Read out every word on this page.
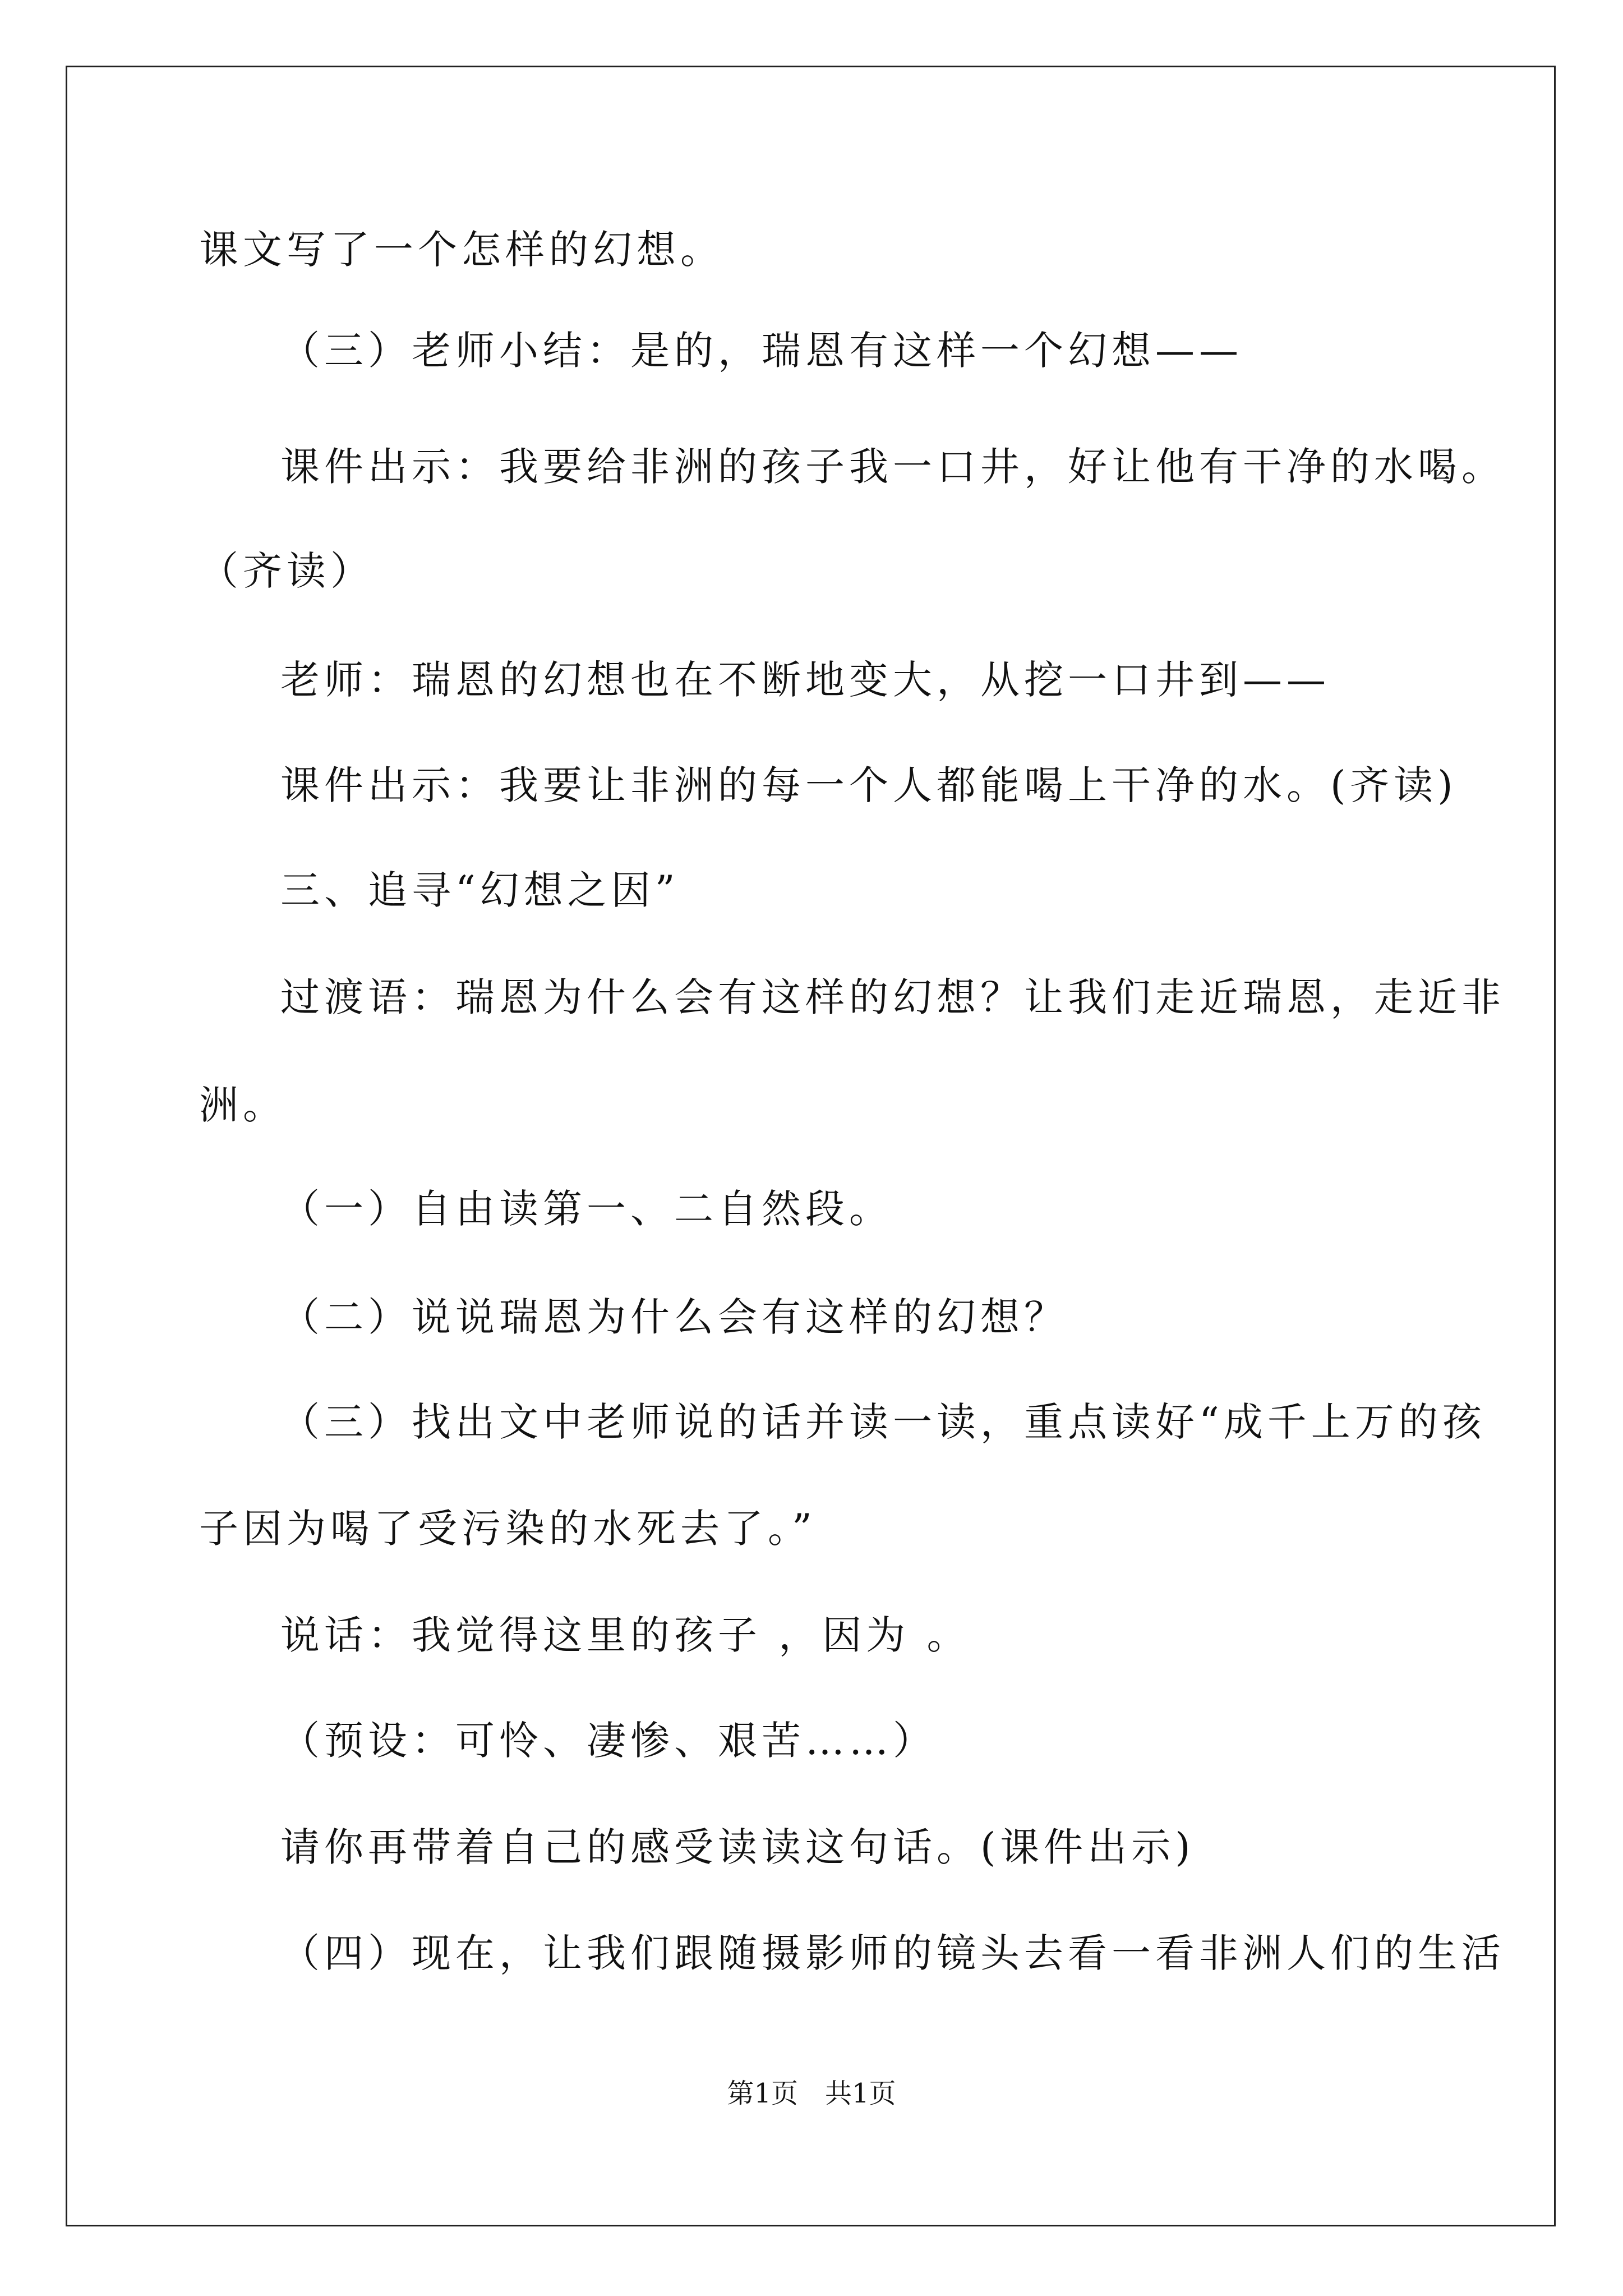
课文写了一个怎样的幻想。
（三）老师小结：是的，瑞恩有这样一个幻想——
课件出示：我要给非洲的孩子我一口井，好让他有干净的水喝。
（齐读）
老师：瑞恩的幻想也在不断地变大，从挖一口井到——
课件出示：我要让非洲的每一个人都能喝上干净的水。(齐读)
三、追寻“幻想之因”
过渡语：瑞恩为什么会有这样的幻想？让我们走近瑞恩，走近非
洲。
（一）自由读第一、二自然段。
（二）说说瑞恩为什么会有这样的幻想？
（三）找出文中老师说的话并读一读，重点读好“成千上万的孩
子因为喝了受污染的水死去了。”
说话：我觉得这里的孩子 ，因为 。
（预设：可怜、凄惨、艰苦……）
请你再带着自己的感受读读这句话。(课件出示)
（四）现在，让我们跟随摄影师的镜头去看一看非洲人们的生活
第1页　共1页
